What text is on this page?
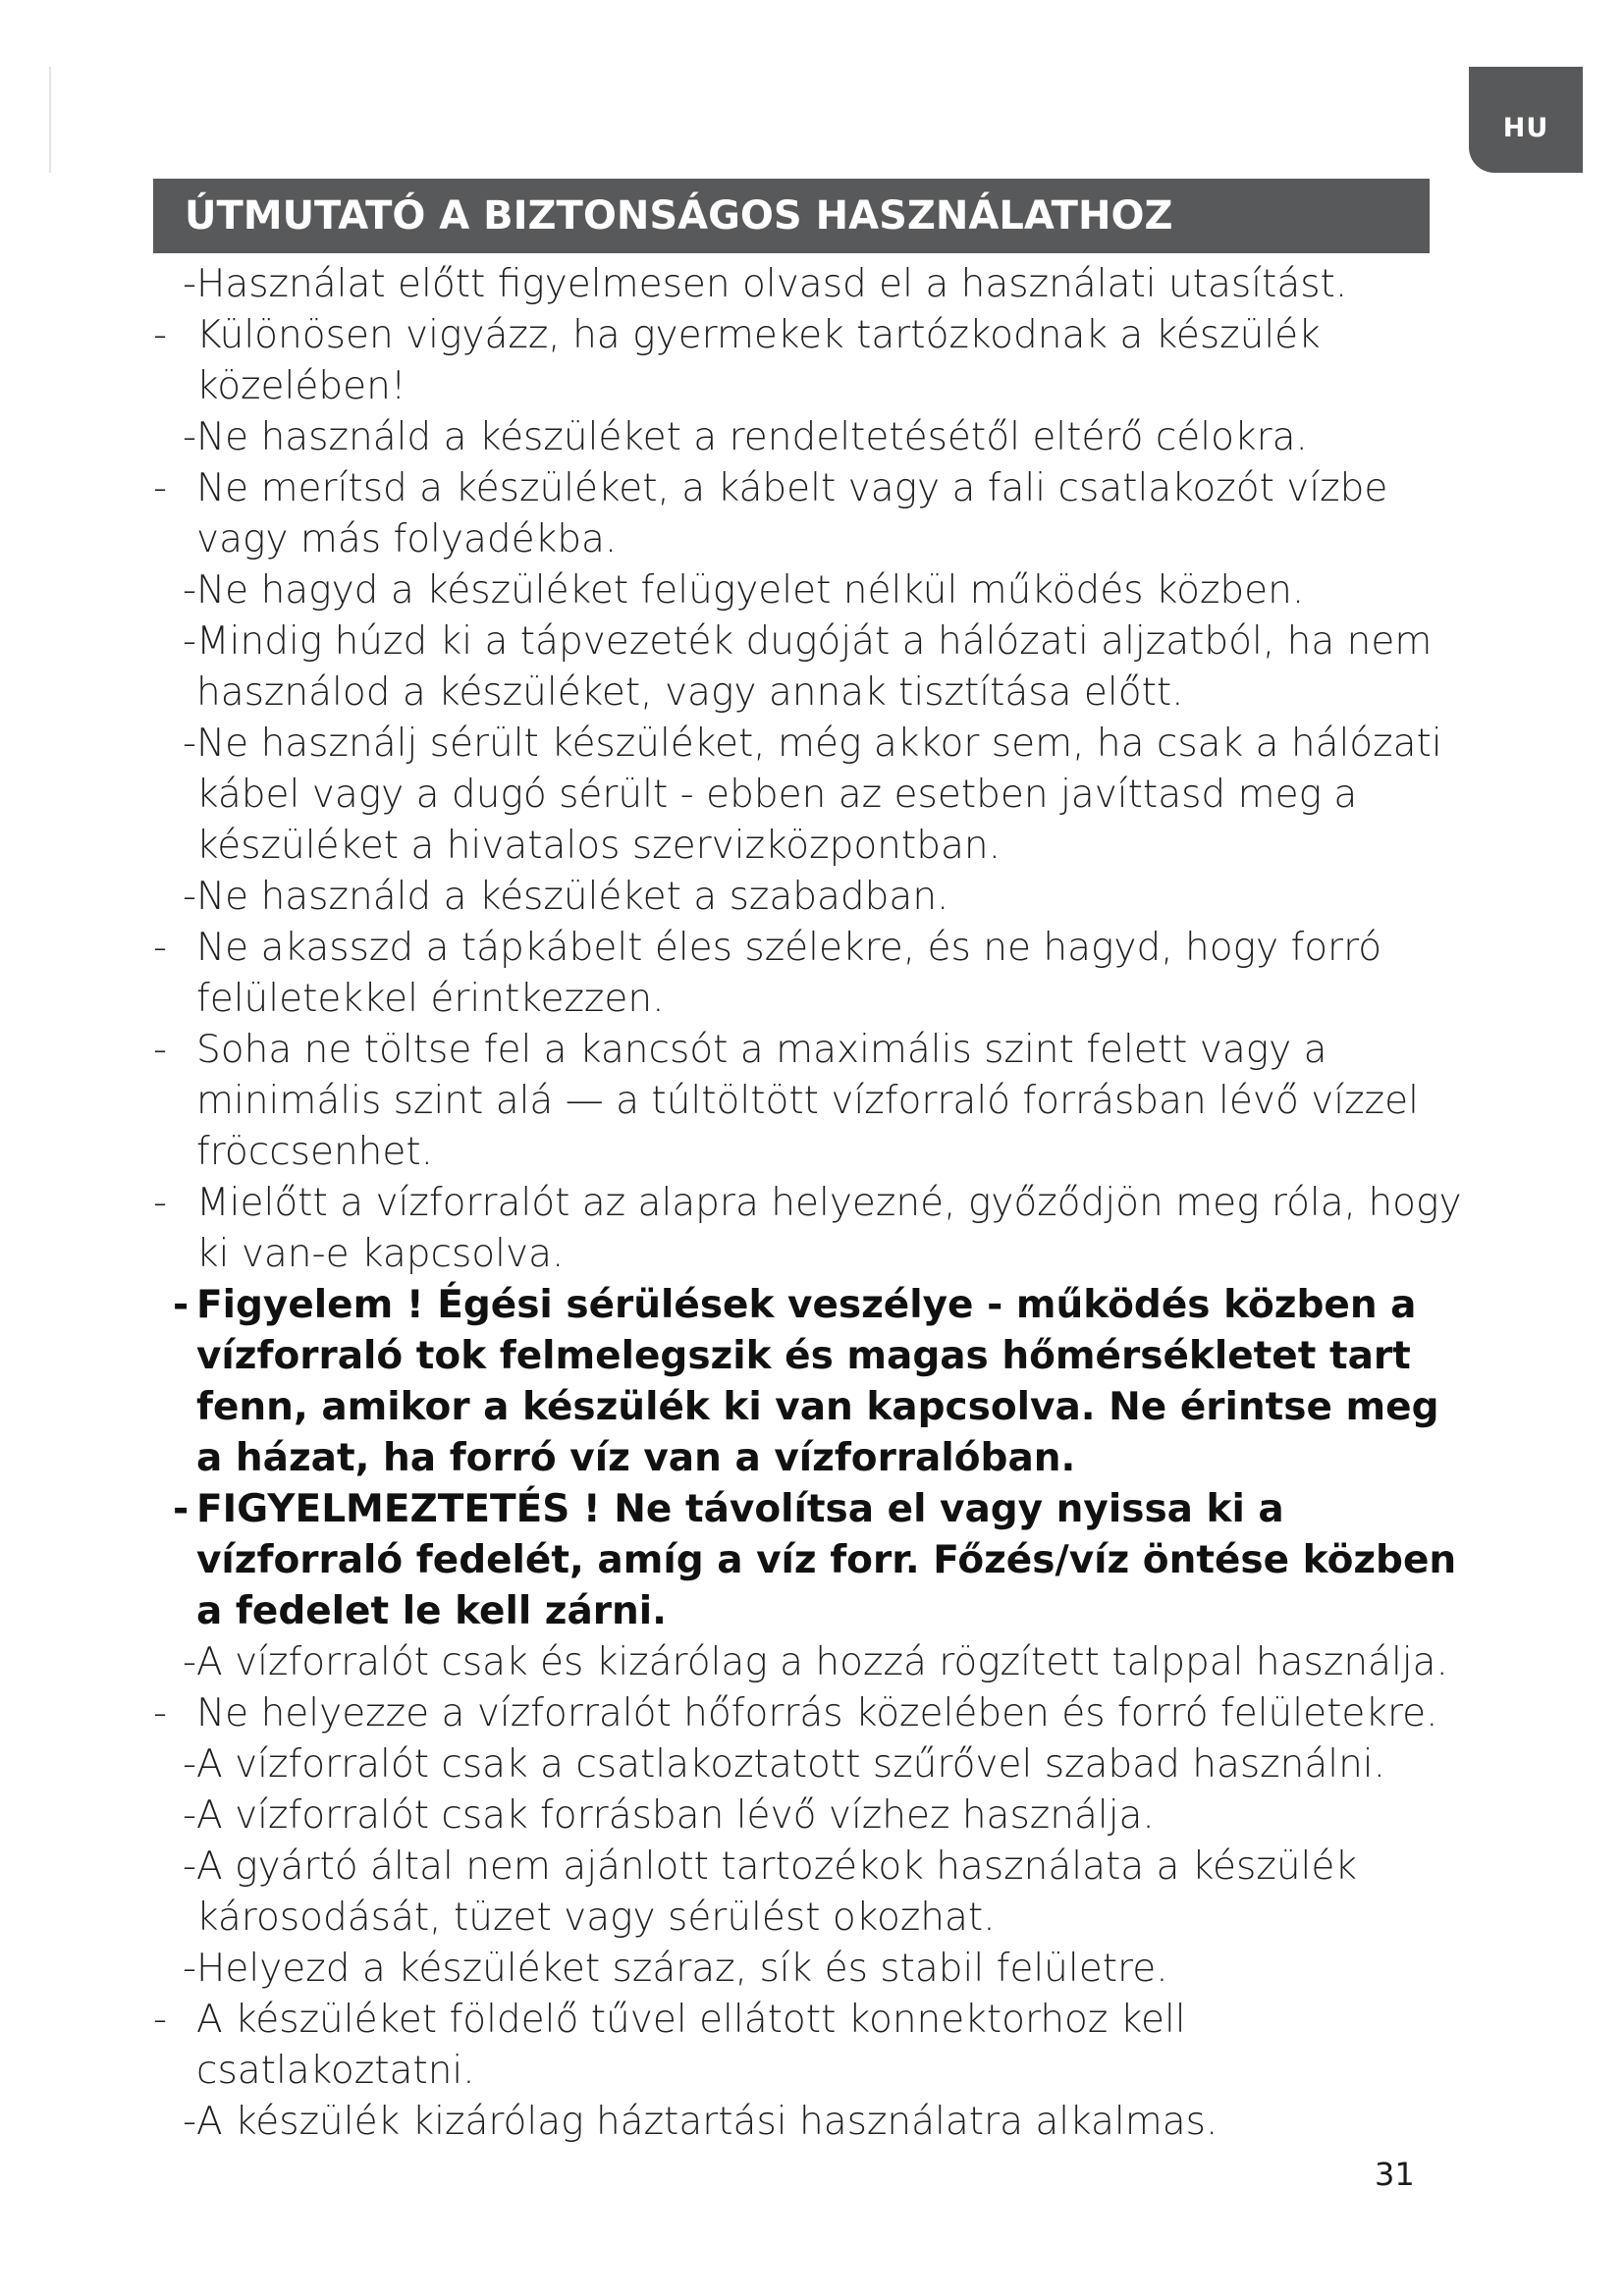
HU
ÚTMUTATÓ A BIZTONSÁGOS HASZNÁLATHOZ
- Használat előtt figyelmesen olvasd el a használati utasítást.
- Különösen vigyázz, ha gyermekek tartózkodnak a készülék közelében!
- Ne használd a készüléket a rendeltetésétől eltérő célokra.
- Ne merítsd a készüléket, a kábelt vagy a fali csatlakozót vízbe vagy más folyadékba.
- Ne hagyd a készüléket felügyelet nélkül működés közben.
- Mindig húzd ki a tápvezeték dugóját a hálózati aljzatból, ha nem használod a készüléket, vagy annak tisztítása előtt.
- Ne használj sérült készüléket, még akkor sem, ha csak a hálózati kábel vagy a dugó sérült - ebben az esetben javíttasd meg a készüléket a hivatalos szervizközpontban.
- Ne használd a készüléket a szabadban.
- Ne akasszd a tápkábelt éles szélekre, és ne hagyd, hogy forró felületekkel érintkezzen.
- Soha ne töltse fel a kancsót a maximális szint felett vagy a minimális szint alá — a túltöltött vízforraló forrásban lévő vízzel fröccsenhet.
- Mielőtt a vízforralót az alapra helyezné, győződjön meg róla, hogy ki van-e kapcsolva.
- Figyelem ! Égési sérülések veszélye - működés közben a vízforraló tok felmelegszik és magas hőmérsékletet tart fenn, amikor a készülék ki van kapcsolva. Ne érintse meg a házat, ha forró víz van a vízforralóban.
- FIGYELMEZTETÉS ! Ne távolítsa el vagy nyissa ki a vízforraló fedelét, amíg a víz forr. Főzés/víz öntése közben a fedelet le kell zárni.
- A vízforralót csak és kizárólag a hozzá rögzített talppal használja.
- Ne helyezze a vízforralót hőforrás közelében és forró felületekre.
- A vízforralót csak a csatlakoztatott szűrővel szabad használni.
- A vízforralót csak forrásban lévő vízhez használja.
- A gyártó által nem ajánlott tartozékok használata a készülék károsodását, tüzet vagy sérülést okozhat.
- Helyezd a készüléket száraz, sík és stabil felületre.
- A készüléket földelő tűvel ellátott konnektorhoz kell csatlakoztatni.
- A készülék kizárólag háztartási használatra alkalmas.
31
